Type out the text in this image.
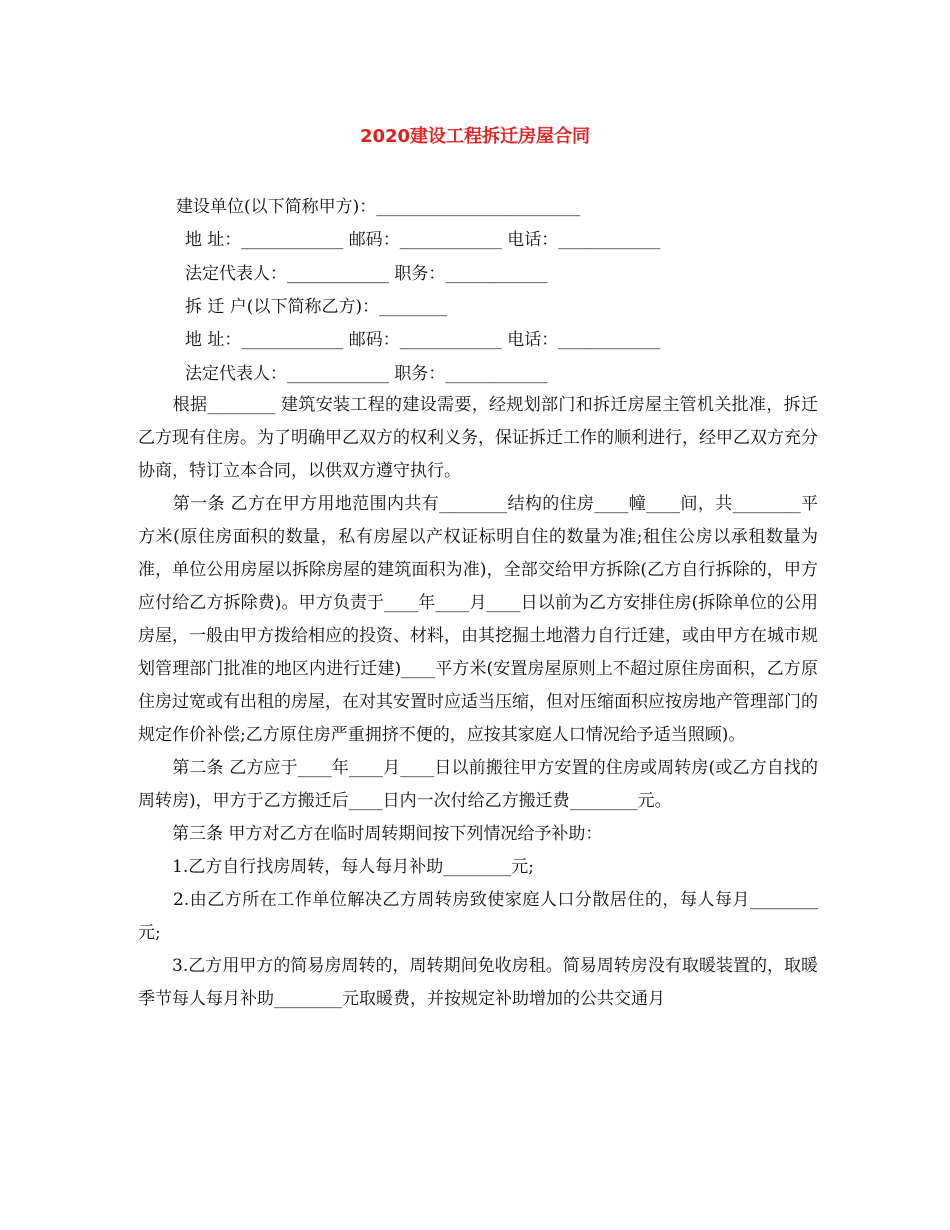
2020建设工程拆迁房屋合同
建设单位(以下简称甲方)：________________________
地 址：____________ 邮码：____________ 电话：____________
法定代表人：____________ 职务：____________
拆 迁 户(以下简称乙方)：________
地 址：____________ 邮码：____________ 电话：____________
法定代表人：____________ 职务：____________

　　根据________ 建筑安装工程的建设需要，经规划部门和拆迁房屋主管机关批准，拆迁乙方现有住房。为了明确甲乙双方的权利义务，保证拆迁工作的顺利进行，经甲乙双方充分协商，特订立本合同，以供双方遵守执行。

　　第一条 乙方在甲方用地范围内共有________结构的住房____幢____间，共________平方米(原住房面积的数量，私有房屋以产权证标明自住的数量为准;租住公房以承租数量为准，单位公用房屋以拆除房屋的建筑面积为准)，全部交给甲方拆除(乙方自行拆除的，甲方应付给乙方拆除费)。甲方负责于____年____月____日以前为乙方安排住房(拆除单位的公用房屋，一般由甲方拨给相应的投资、材料，由其挖掘土地潜力自行迁建，或由甲方在城市规划管理部门批准的地区内进行迁建)____平方米(安置房屋原则上不超过原住房面积，乙方原住房过宽或有出租的房屋，在对其安置时应适当压缩，但对压缩面积应按房地产管理部门的规定作价补偿;乙方原住房严重拥挤不便的，应按其家庭人口情况给予适当照顾)。

　　第二条 乙方应于____年____月____日以前搬往甲方安置的住房或周转房(或乙方自找的周转房)，甲方于乙方搬迁后____日内一次付给乙方搬迁费________元。

　　第三条 甲方对乙方在临时周转期间按下列情况给予补助：

　　1.乙方自行找房周转，每人每月补助________元;

　　2.由乙方所在工作单位解决乙方周转房致使家庭人口分散居住的，每人每月________元;

　　3.乙方用甲方的简易房周转的，周转期间免收房租。简易周转房没有取暖装置的，取暖季节每人每月补助________元取暖费，并按规定补助增加的公共交通月
